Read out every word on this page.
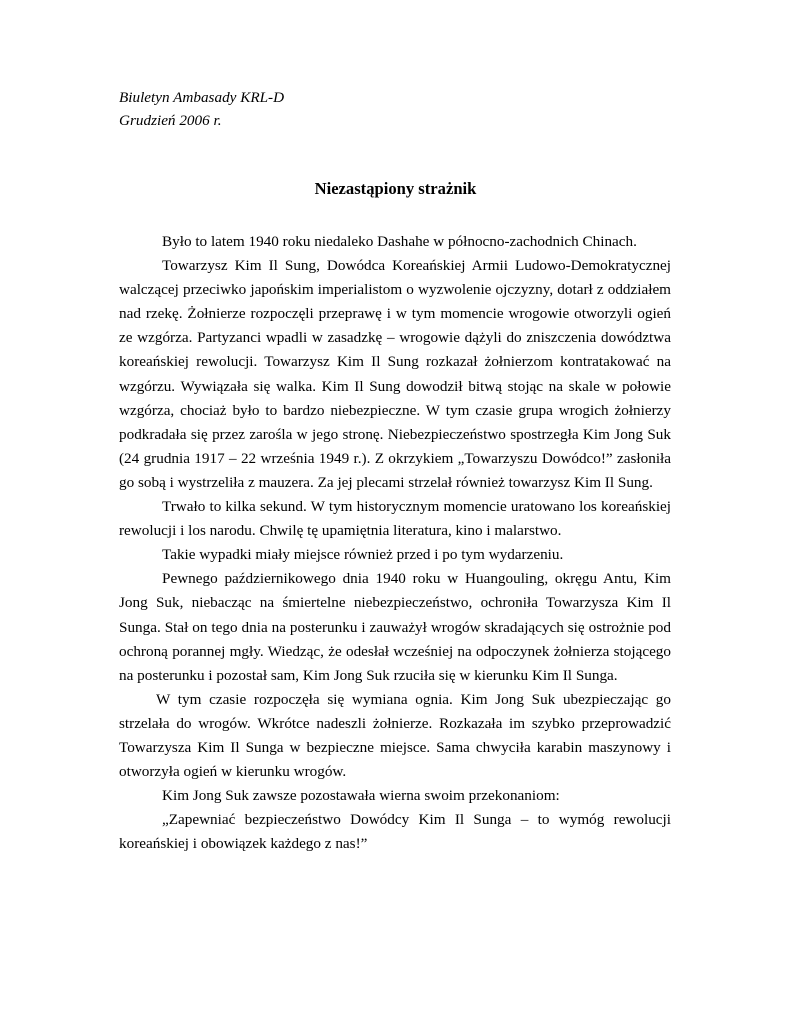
Biuletyn Ambasady KRL-D
Grudzień 2006 r.
Niezastąpiony strażnik

Było to latem 1940 roku niedaleko Dashahe w północno-zachodnich Chinach.

Towarzysz Kim Il Sung, Dowódca Koreańskiej Armii Ludowo-Demokratycznej walczącej przeciwko japońskim imperialistom o wyzwolenie ojczyzny, dotarł z oddziałem nad rzekę. Żołnierze rozpoczęli przeprawę i w tym momencie wrogowie otworzyli ogień ze wzgórza. Partyzanci wpadli w zasadzkę – wrogowie dążyli do zniszczenia dowództwa koreańskiej rewolucji. Towarzysz Kim Il Sung rozkazał żołnierzom kontratakować na wzgórzu. Wywiązała się walka. Kim Il Sung dowodził bitwą stojąc na skale w połowie wzgórza, chociaż było to bardzo niebezpieczne. W tym czasie grupa wrogich żołnierzy podkradała się przez zarośla w jego stronę. Niebezpieczeństwo spostrzegła Kim Jong Suk (24 grudnia 1917 – 22 września 1949 r.). Z okrzykiem „Towarzyszu Dowódco!” zasłoniła go sobą i wystrzeliła z mauzera. Za jej plecami strzelał również towarzysz Kim Il Sung.

Trwało to kilka sekund. W tym historycznym momencie uratowano los koreańskiej rewolucji i los narodu. Chwilę tę upamiętnia literatura, kino i malarstwo.

Takie wypadki miały miejsce również przed i po tym wydarzeniu.

Pewnego październikowego dnia 1940 roku w Huangouling, okręgu Antu, Kim Jong Suk, niebacząc na śmiertelne niebezpieczeństwo, ochroniła Towarzysza Kim Il Sunga. Stał on tego dnia na posterunku i zauważył wrogów skradających się ostrożnie pod ochroną porannej mgły. Wiedząc, że odesłał wcześniej na odpoczynek żołnierza stojącego na posterunku i pozostał sam, Kim Jong Suk rzuciła się w kierunku Kim Il Sunga.

W tym czasie rozpoczęła się wymiana ognia. Kim Jong Suk ubezpieczając go strzelała do wrogów. Wkrótce nadeszli żołnierze. Rozkazała im szybko przeprowadzić Towarzysza Kim Il Sunga w bezpieczne miejsce. Sama chwyciła karabin maszynowy i otworzyła ogień w kierunku wrogów.

Kim Jong Suk zawsze pozostawała wierna swoim przekonaniom:

„Zapewniać bezpieczeństwo Dowódcy Kim Il Sunga – to wymóg rewolucji koreańskiej i obowiązek każdego z nas!”
